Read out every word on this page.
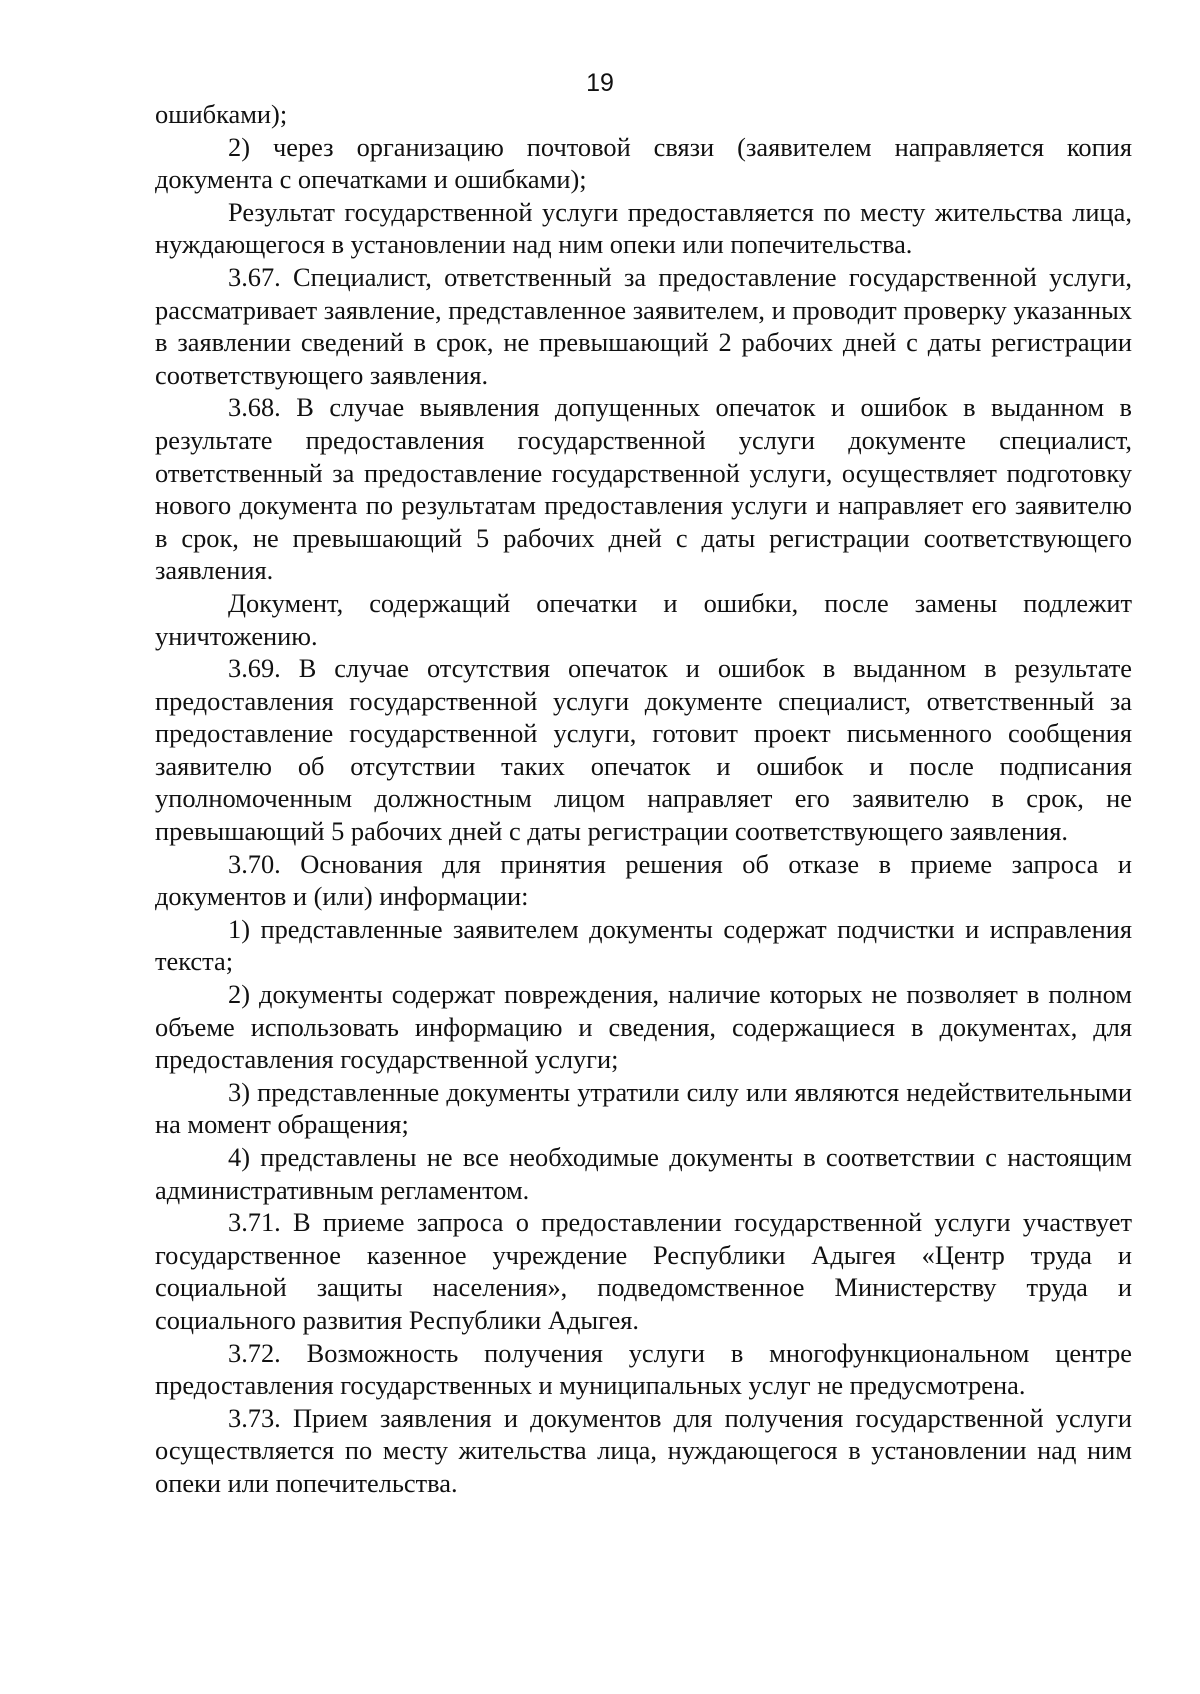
19

ошибками);

2) через организацию почтовой связи (заявителем направляется копия документа с опечатками и ошибками);

Результат государственной услуги предоставляется по месту жительства лица, нуждающегося в установлении над ним опеки или попечительства.

3.67. Специалист, ответственный за предоставление государственной услуги, рассматривает заявление, представленное заявителем, и проводит проверку указанных в заявлении сведений в срок, не превышающий 2 рабочих дней с даты регистрации соответствующего заявления.

3.68. В случае выявления допущенных опечаток и ошибок в выданном в результате предоставления государственной услуги документе специалист, ответственный за предоставление государственной услуги, осуществляет подготовку нового документа по результатам предоставления услуги и направляет его заявителю в срок, не превышающий 5 рабочих дней с даты регистрации соответствующего заявления.

Документ, содержащий опечатки и ошибки, после замены подлежит уничтожению.

3.69. В случае отсутствия опечаток и ошибок в выданном в результате предоставления государственной услуги документе специалист, ответственный за предоставление государственной услуги, готовит проект письменного сообщения заявителю об отсутствии таких опечаток и ошибок и после подписания уполномоченным должностным лицом направляет его заявителю в срок, не превышающий 5 рабочих дней с даты регистрации соответствующего заявления.

3.70. Основания для принятия решения об отказе в приеме запроса и документов и (или) информации:

1) представленные заявителем документы содержат подчистки и исправления текста;

2) документы содержат повреждения, наличие которых не позволяет в полном объеме использовать информацию и сведения, содержащиеся в документах, для предоставления государственной услуги;

3) представленные документы утратили силу или являются недействительными на момент обращения;

4) представлены не все необходимые документы в соответствии с настоящим административным регламентом.

3.71. В приеме запроса о предоставлении государственной услуги участвует государственное казенное учреждение Республики Адыгея «Центр труда и социальной защиты населения», подведомственное Министерству труда и социального развития Республики Адыгея.

3.72. Возможность получения услуги в многофункциональном центре предоставления государственных и муниципальных услуг не предусмотрена.

3.73. Прием заявления и документов для получения государственной услуги осуществляется по месту жительства лица, нуждающегося в установлении над ним опеки или попечительства.
